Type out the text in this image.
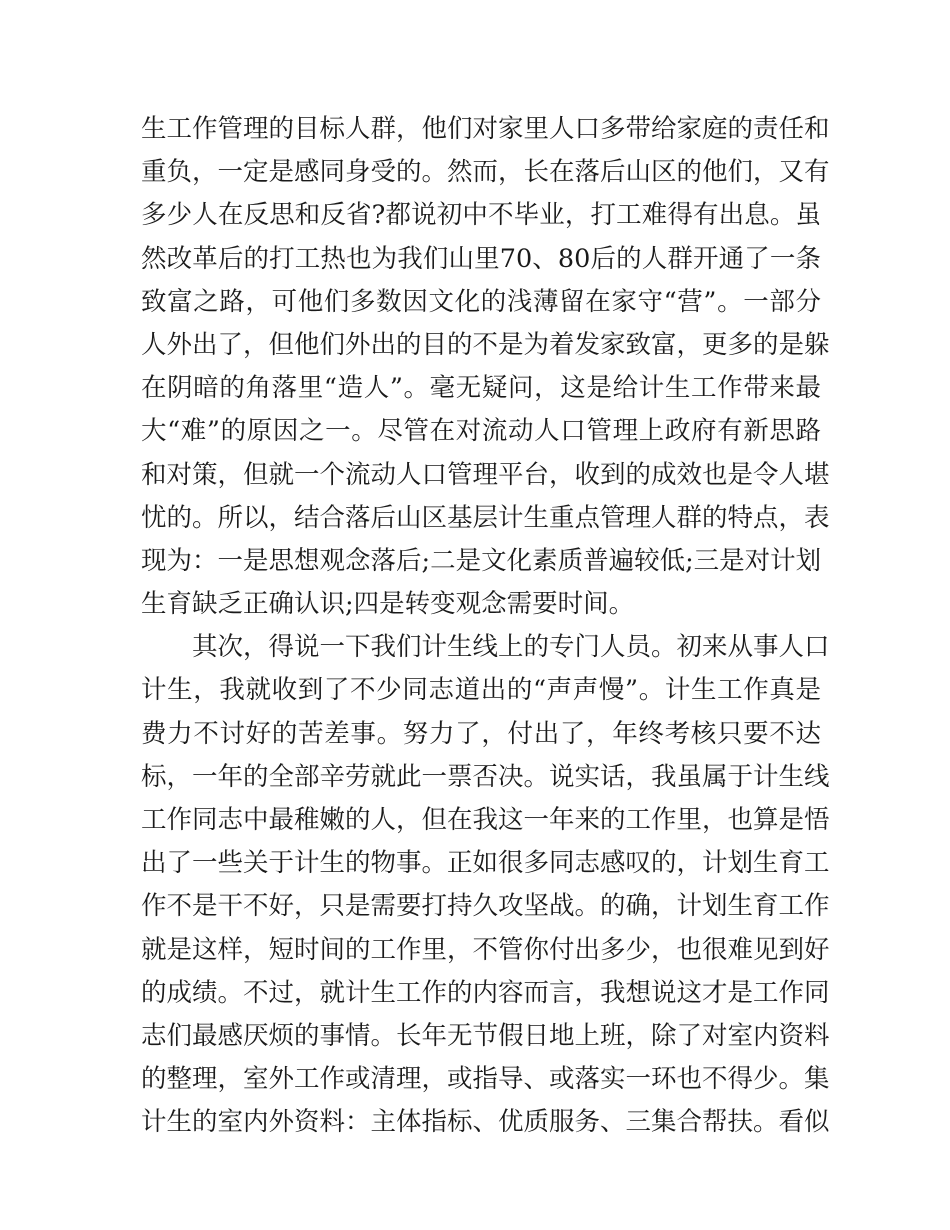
生工作管理的目标人群，他们对家里人口多带给家庭的责任和
重负，一定是感同身受的。然而，长在落后山区的他们，又有
多少人在反思和反省?都说初中不毕业，打工难得有出息。虽
然改革后的打工热也为我们山里70、80后的人群开通了一条
致富之路，可他们多数因文化的浅薄留在家守“营”。一部分
人外出了，但他们外出的目的不是为着发家致富，更多的是躲
在阴暗的角落里“造人”。毫无疑问，这是给计生工作带来最
大“难”的原因之一。尽管在对流动人口管理上政府有新思路
和对策，但就一个流动人口管理平台，收到的成效也是令人堪
忧的。所以，结合落后山区基层计生重点管理人群的特点，表
现为：一是思想观念落后;二是文化素质普遍较低;三是对计划
生育缺乏正确认识;四是转变观念需要时间。
其次，得说一下我们计生线上的专门人员。初来从事人口
计生，我就收到了不少同志道出的“声声慢”。计生工作真是
费力不讨好的苦差事。努力了，付出了，年终考核只要不达
标，一年的全部辛劳就此一票否决。说实话，我虽属于计生线
工作同志中最稚嫩的人，但在我这一年来的工作里，也算是悟
出了一些关于计生的物事。正如很多同志感叹的，计划生育工
作不是干不好，只是需要打持久攻坚战。的确，计划生育工作
就是这样，短时间的工作里，不管你付出多少，也很难见到好
的成绩。不过，就计生工作的内容而言，我想说这才是工作同
志们最感厌烦的事情。长年无节假日地上班，除了对室内资料
的整理，室外工作或清理，或指导、或落实一环也不得少。集
计生的室内外资料：主体指标、优质服务、三集合帮扶。看似
